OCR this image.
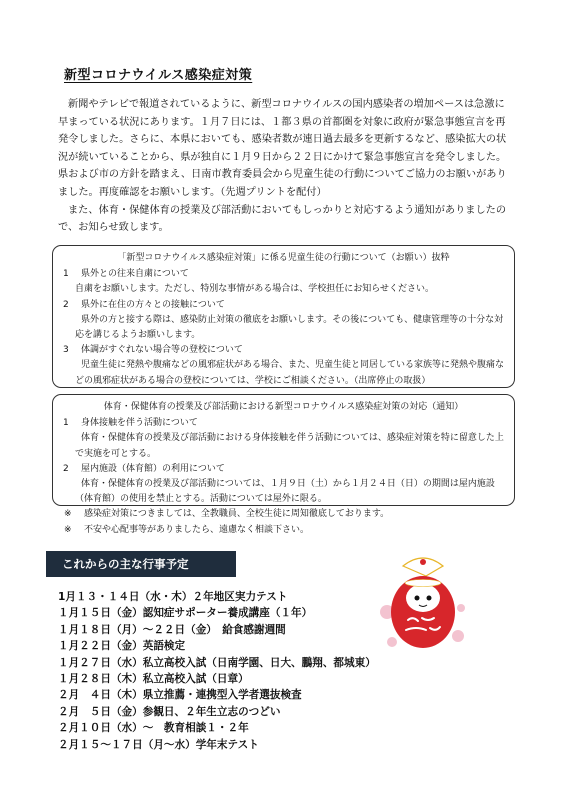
新型コロナウイルス感染症対策

新聞やテレビで報道されているように、新型コロナウイルスの国内感染者の増加ペースは急激に

早まっている状況にあります。１月７日には、１都３県の首都圏を対象に政府が緊急事態宣言を再

発令しました。さらに、本県においても、感染者数が連日過去最多を更新するなど、感染拡大の状

況が続いていることから、県が独自に１月９日から２２日にかけて緊急事態宣言を発令しました。

県および市の方針を踏まえ、日南市教育委員会から児童生徒の行動についてご協力のお願いがあり

ました。再度確認をお願いします。（先週プリントを配付）

また、体育・保健体育の授業及び部活動においてもしっかりと対応するよう通知がありましたの

で、お知らせ致します。

「新型コロナウイルス感染症対策」に係る児童生徒の行動について（お願い）抜粋
1	県外との往来自粛について
自粛をお願いします。ただし、特別な事情がある場合は、学校担任にお知らせください。
2	県外に在住の方々との接触について
県外の方と接する際は、感染防止対策の徹底をお願いします。その後についても、健康管理等の十分な対
応を講じるようお願いします。
3	体調がすぐれない場合等の登校について
児童生徒に発熱や腹痛などの風邪症状がある場合、また、児童生徒と同居している家族等に発熱や腹痛な
どの風邪症状がある場合の登校については、学校にご相談ください。（出席停止の取扱）
体育・保健体育の授業及び部活動における新型コロナウイルス感染症対策の対応（通知）
1	身体接触を伴う活動について
体育・保健体育の授業及び部活動における身体接触を伴う活動については、感染症対策を特に留意した上
で実施を可とする。
2	屋内施設（体育館）の利用について
体育・保健体育の授業及び部活動については、１月９日（土）から１月２４日（日）の期間は屋内施設
（体育館）の使用を禁止とする。活動については屋外に限る。
※	感染症対策につきましては、全教職員、全校生徒に周知徹底しております。
※	不安や心配事等がありましたら、遠慮なく相談下さい。
これからの主な行事予定
1月１３・１４日（水・木）２年地区実力テスト
１月１５日（金）認知症サポーター養成講座（１年）
１月１８日（月）～２２日（金）　給食感謝週間
１月２２日（金）英語検定
１月２７日（水）私立高校入試（日南学園、日大、鵬翔、都城東）
１月２８日（木）私立高校入試（日章）
２月　４日（木）県立推薦・連携型入学者選抜検査
２月　５日（金）参観日、２年生立志のつどい
２月１０日（水）～　教育相談１・２年
２月１５～１７日（月～水）学年末テスト
